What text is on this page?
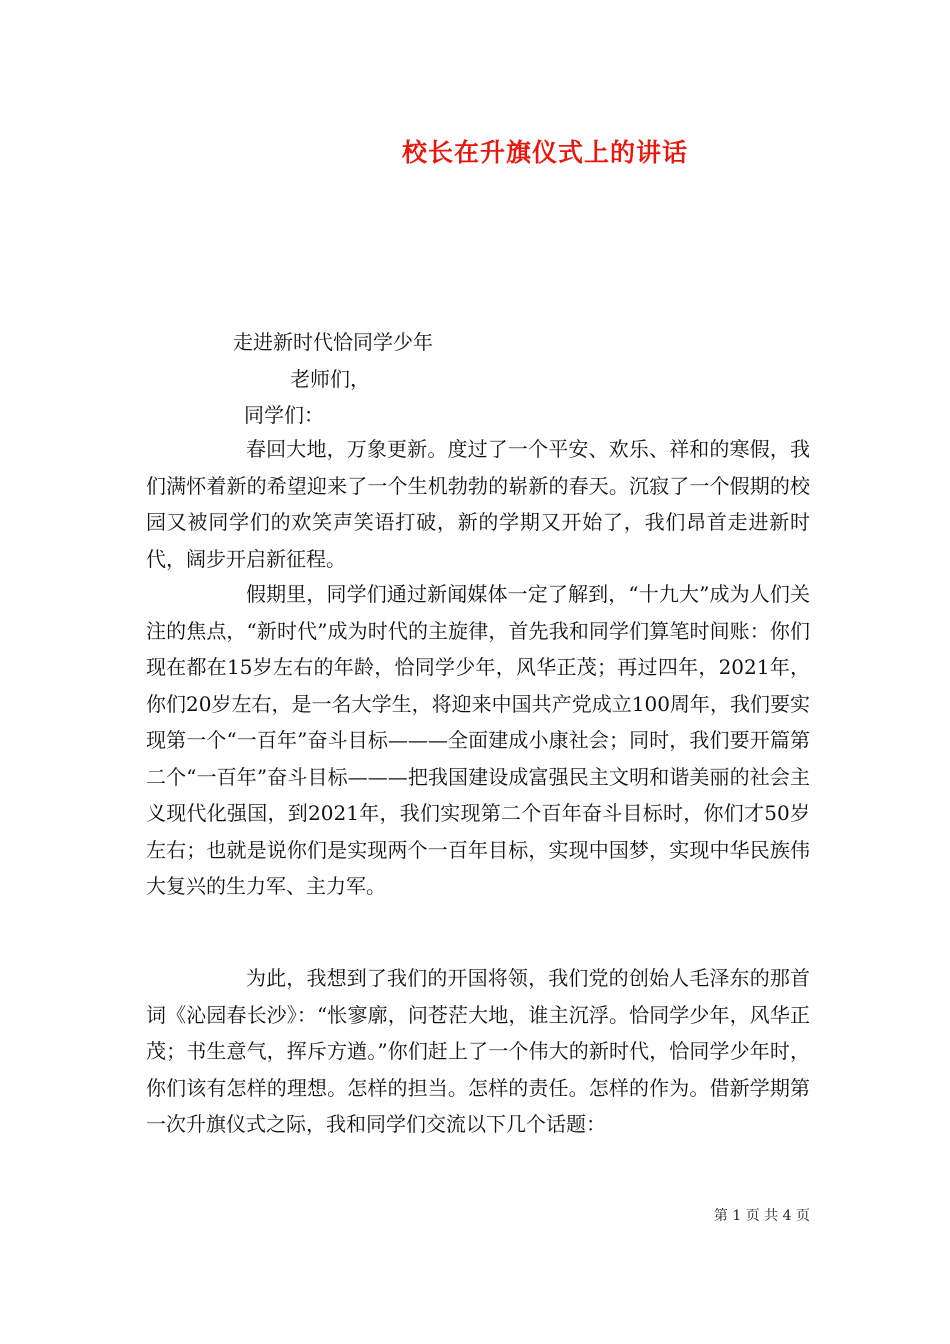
校长在升旗仪式上的讲话
走进新时代恰同学少年
老师们，
同学们：

春回大地，万象更新。度过了一个平安、欢乐、祥和的寒假，我们满怀着新的希望迎来了一个生机勃勃的崭新的春天。沉寂了一个假期的校园又被同学们的欢笑声笑语打破，新的学期又开始了，我们昂首走进新时代，阔步开启新征程。

假期里，同学们通过新闻媒体一定了解到，“十九大”成为人们关注的焦点，“新时代”成为时代的主旋律，首先我和同学们算笔时间账：你们现在都在15岁左右的年龄，恰同学少年，风华正茂；再过四年，2021年，你们20岁左右，是一名大学生，将迎来中国共产党成立100周年，我们要实现第一个“一百年”奋斗目标———全面建成小康社会；同时，我们要开篇第二个“一百年”奋斗目标———把我国建设成富强民主文明和谐美丽的社会主义现代化强国，到2021年，我们实现第二个百年奋斗目标时，你们才50岁左右；也就是说你们是实现两个一百年目标，实现中国梦，实现中华民族伟大复兴的生力军、主力军。

为此，我想到了我们的开国将领，我们党的创始人毛泽东的那首词《沁园春长沙》：“怅寥廓，问苍茫大地，谁主沉浮。恰同学少年，风华正茂；书生意气，挥斥方遒。”你们赶上了一个伟大的新时代，恰同学少年时，你们该有怎样的理想。怎样的担当。怎样的责任。怎样的作为。借新学期第一次升旗仪式之际，我和同学们交流以下几个话题：

第 1 页 共 4 页
